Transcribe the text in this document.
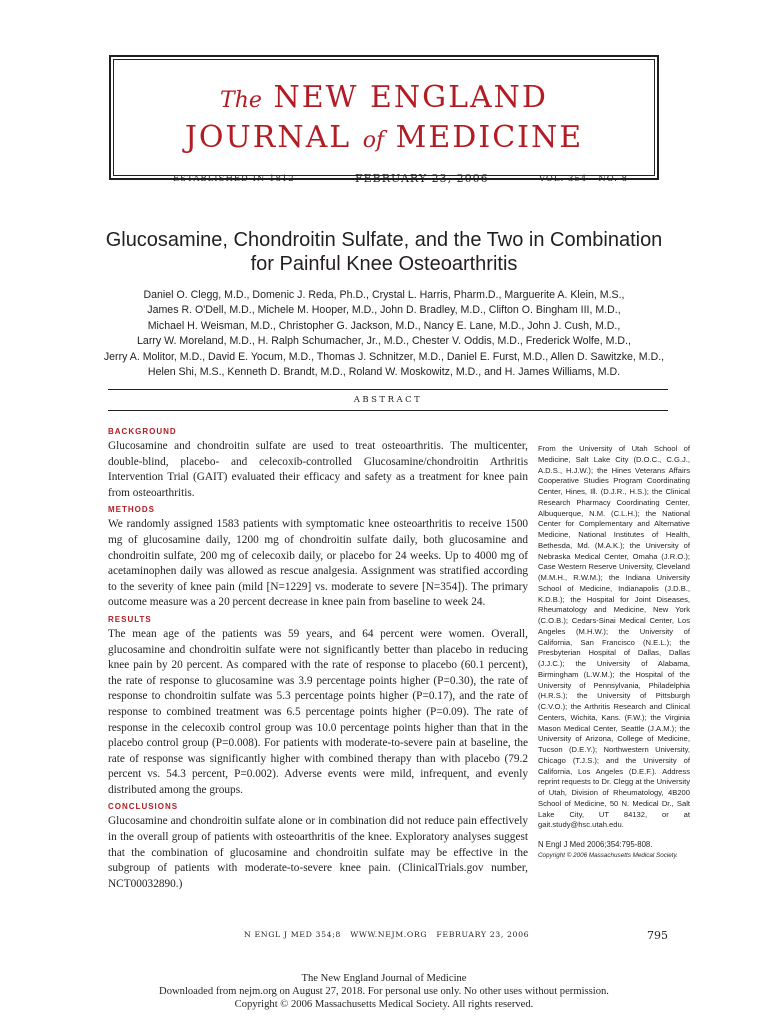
The NEW ENGLAND
JOURNAL of MEDICINE
ESTABLISHED IN 1812	FEBRUARY 23, 2006	VOL. 354   NO. 8
Glucosamine, Chondroitin Sulfate, and the Two in Combination
for Painful Knee Osteoarthritis
Daniel O. Clegg, M.D., Domenic J. Reda, Ph.D., Crystal L. Harris, Pharm.D., Marguerite A. Klein, M.S.,
James R. O'Dell, M.D., Michele M. Hooper, M.D., John D. Bradley, M.D., Clifton O. Bingham III, M.D.,
Michael H. Weisman, M.D., Christopher G. Jackson, M.D., Nancy E. Lane, M.D., John J. Cush, M.D.,
Larry W. Moreland, M.D., H. Ralph Schumacher, Jr., M.D., Chester V. Oddis, M.D., Frederick Wolfe, M.D.,
Jerry A. Molitor, M.D., David E. Yocum, M.D., Thomas J. Schnitzer, M.D., Daniel E. Furst, M.D., Allen D. Sawitzke, M.D.,
Helen Shi, M.S., Kenneth D. Brandt, M.D., Roland W. Moskowitz, M.D., and H. James Williams, M.D.
ABSTRACT
BACKGROUND

Glucosamine and chondroitin sulfate are used to treat osteoarthritis. The multicenter, double-blind, placebo- and celecoxib-controlled Glucosamine/chondroitin Arthritis Intervention Trial (GAIT) evaluated their efficacy and safety as a treatment for knee pain from osteoarthritis.

METHODS

We randomly assigned 1583 patients with symptomatic knee osteoarthritis to receive 1500 mg of glucosamine daily, 1200 mg of chondroitin sulfate daily, both glucosamine and chondroitin sulfate, 200 mg of celecoxib daily, or placebo for 24 weeks. Up to 4000 mg of acetaminophen daily was allowed as rescue analgesia. Assignment was stratified according to the severity of knee pain (mild [N=1229] vs. moderate to severe [N=354]). The primary outcome measure was a 20 percent decrease in knee pain from baseline to week 24.

RESULTS

The mean age of the patients was 59 years, and 64 percent were women. Overall, glucosamine and chondroitin sulfate were not significantly better than placebo in reducing knee pain by 20 percent. As compared with the rate of response to placebo (60.1 percent), the rate of response to glucosamine was 3.9 percentage points higher (P=0.30), the rate of response to chondroitin sulfate was 5.3 percentage points higher (P=0.17), and the rate of response to combined treatment was 6.5 percentage points higher (P=0.09). The rate of response in the celecoxib control group was 10.0 percentage points higher than that in the placebo control group (P=0.008). For patients with moderate-to-severe pain at baseline, the rate of response was significantly higher with combined therapy than with placebo (79.2 percent vs. 54.3 percent, P=0.002). Adverse events were mild, infrequent, and evenly distributed among the groups.

CONCLUSIONS

Glucosamine and chondroitin sulfate alone or in combination did not reduce pain effectively in the overall group of patients with osteoarthritis of the knee. Exploratory analyses suggest that the combination of glucosamine and chondroitin sulfate may be effective in the subgroup of patients with moderate-to-severe knee pain. (ClinicalTrials.gov number, NCT00032890.)

From the University of Utah School of Medicine, Salt Lake City (D.O.C., C.G.J., A.D.S., H.J.W.); the Hines Veterans Affairs Cooperative Studies Program Coordinating Center, Hines, Ill. (D.J.R., H.S.); the Clinical Research Pharmacy Coordinating Center, Albuquerque, N.M. (C.L.H.); the National Center for Complementary and Alternative Medicine, National Institutes of Health, Bethesda, Md. (M.A.K.); the University of Nebraska Medical Center, Omaha (J.R.O.); Case Western Reserve University, Cleveland (M.M.H., R.W.M.); the Indiana University School of Medicine, Indianapolis (J.D.B., K.D.B.); the Hospital for Joint Diseases, Rheumatology and Medicine, New York (C.O.B.); Cedars-Sinai Medical Center, Los Angeles (M.H.W.); the University of California, San Francisco (N.E.L.); the Presbyterian Hospital of Dallas, Dallas (J.J.C.); the University of Alabama, Birmingham (L.W.M.); the Hospital of the University of Pennsylvania, Philadelphia (H.R.S.); the University of Pittsburgh (C.V.O.); the Arthritis Research and Clinical Centers, Wichita, Kans. (F.W.); the Virginia Mason Medical Center, Seattle (J.A.M.); the University of Arizona, College of Medicine, Tucson (D.E.Y.); Northwestern University, Chicago (T.J.S.); and the University of California, Los Angeles (D.E.F.). Address reprint requests to Dr. Clegg at the University of Utah, Division of Rheumatology, 4B200 School of Medicine, 50 N. Medical Dr., Salt Lake City, UT 84132, or at gait.study@hsc.utah.edu.
N Engl J Med 2006;354:795-808.
Copyright © 2006 Massachusetts Medical Society.
N ENGL J MED 354;8   WWW.NEJM.ORG   FEBRUARY 23, 2006	795
The New England Journal of Medicine
Downloaded from nejm.org on August 27, 2018. For personal use only. No other uses without permission.
Copyright © 2006 Massachusetts Medical Society. All rights reserved.
